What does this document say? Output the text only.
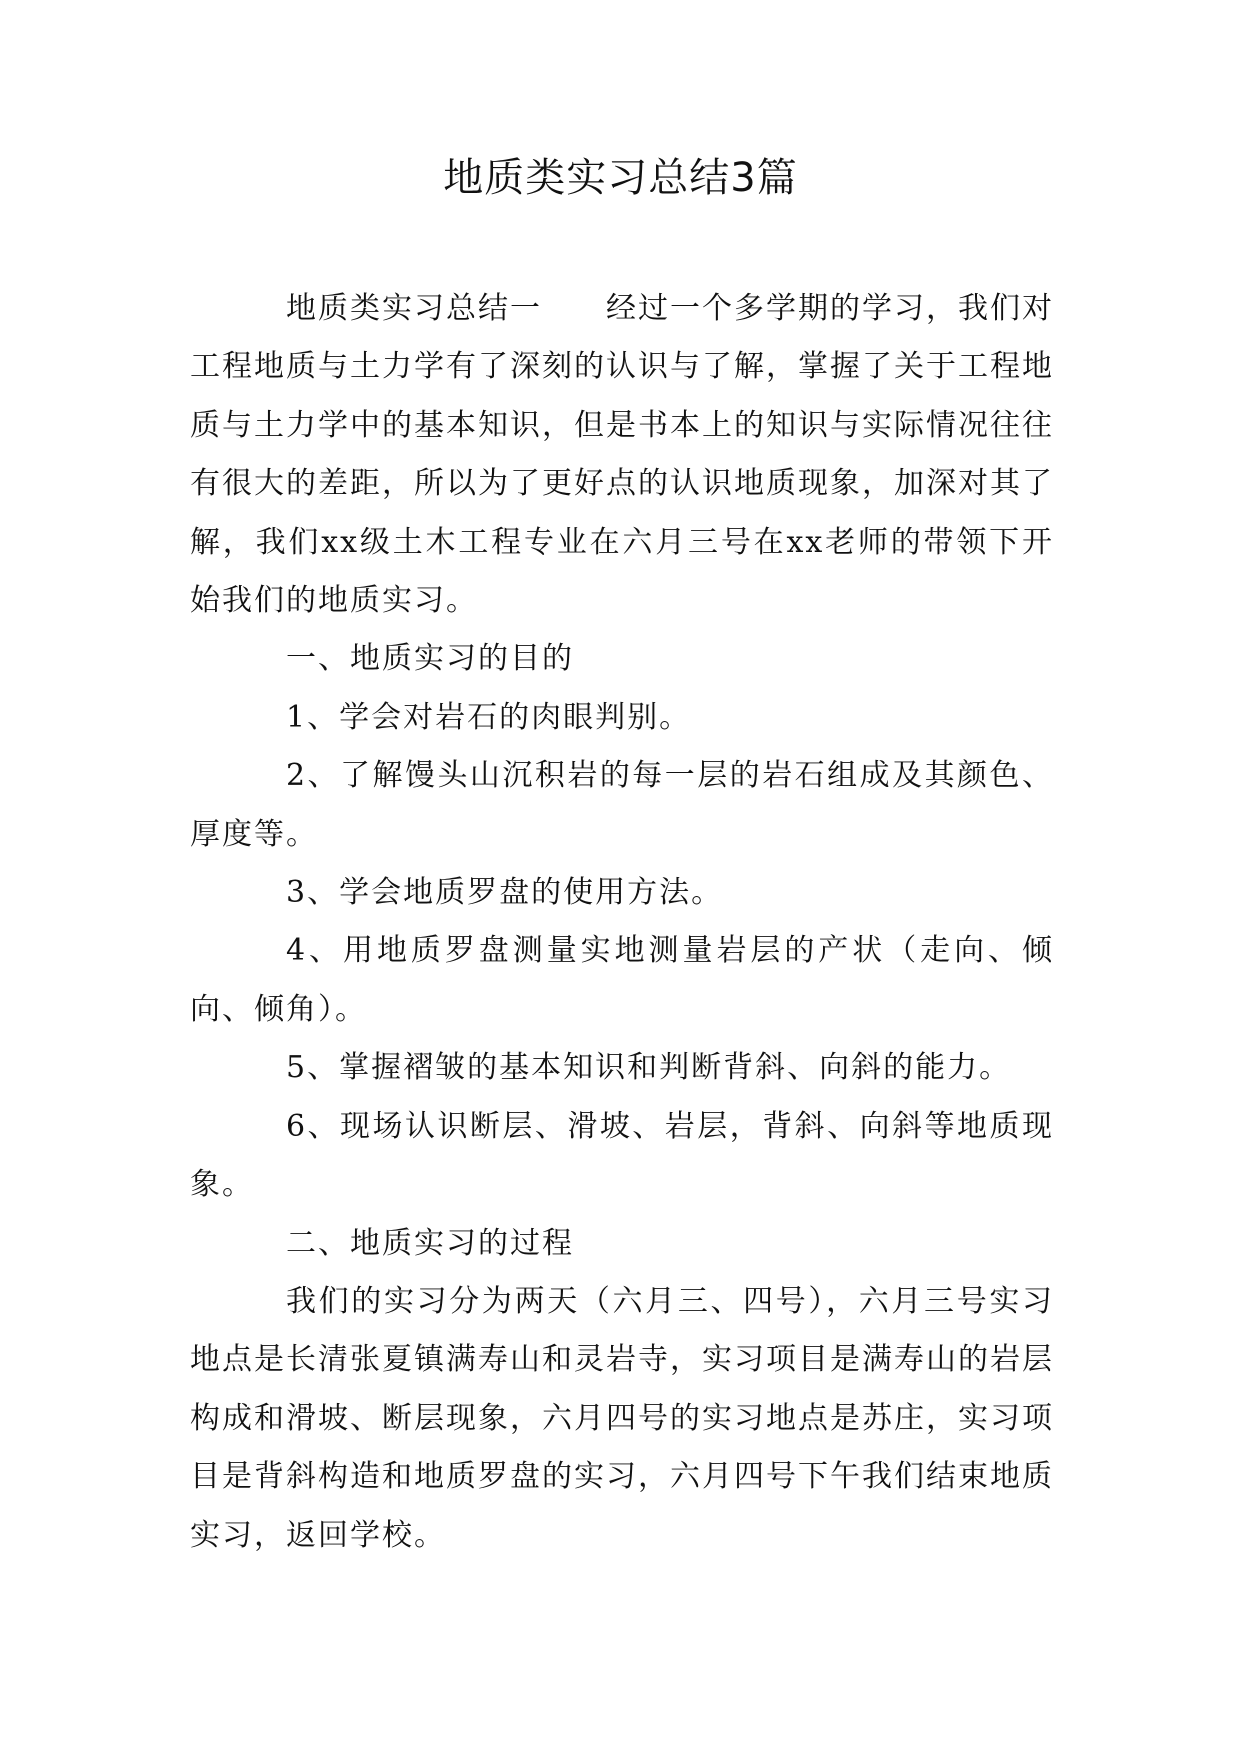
地质类实习总结3篇

地质类实习总结一　　经过一个多学期的学习，我们对工程地质与土力学有了深刻的认识与了解，掌握了关于工程地质与土力学中的基本知识，但是书本上的知识与实际情况往往有很大的差距，所以为了更好点的认识地质现象，加深对其了解，我们xx级土木工程专业在六月三号在xx老师的带领下开始我们的地质实习。

一、地质实习的目的

1、学会对岩石的肉眼判别。

2、了解馒头山沉积岩的每一层的岩石组成及其颜色、厚度等。

3、学会地质罗盘的使用方法。

4、用地质罗盘测量实地测量岩层的产状（走向、倾向、倾角）。

5、掌握褶皱的基本知识和判断背斜、向斜的能力。

6、现场认识断层、滑坡、岩层，背斜、向斜等地质现象。

二、地质实习的过程

我们的实习分为两天（六月三、四号），六月三号实习地点是长清张夏镇满寿山和灵岩寺，实习项目是满寿山的岩层构成和滑坡、断层现象，六月四号的实习地点是苏庄，实习项目是背斜构造和地质罗盘的实习，六月四号下午我们结束地质实习，返回学校。
